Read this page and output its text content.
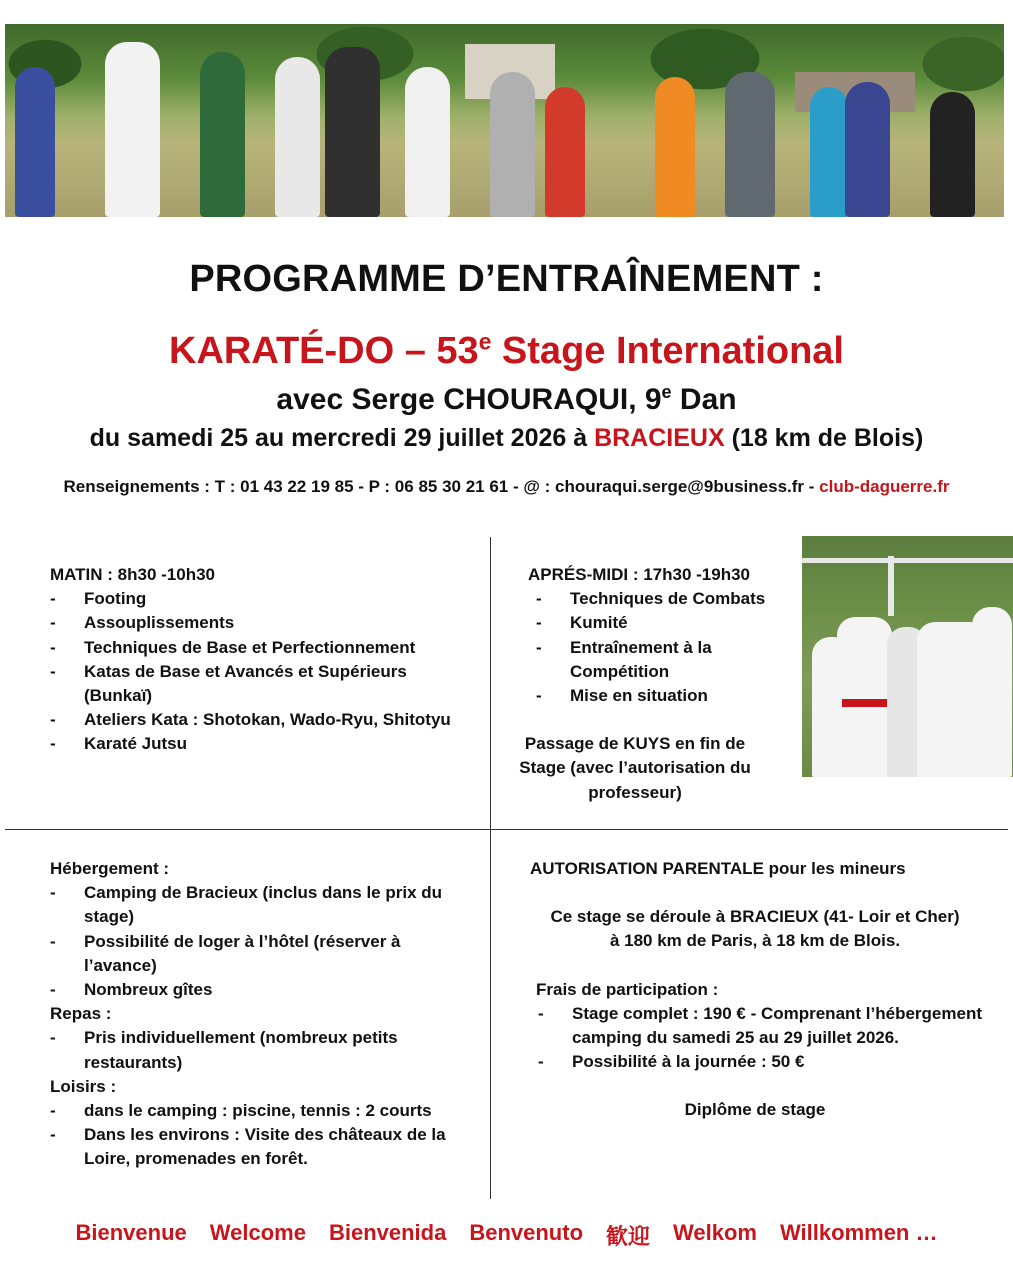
PROGRAMME D’ENTRAÎNEMENT :
KARATÉ-DO – 53e Stage International
avec Serge CHOURAQUI, 9e Dan
du samedi 25 au mercredi 29 juillet 2026 à BRACIEUX (18 km de Blois)
Renseignements : T : 01 43 22 19 85 - P : 06 85 30 21 61 - @ : chouraqui.serge@9business.fr - club-daguerre.fr
MATIN : 8h30 -10h30
- Footing
- Assouplissements
- Techniques de Base et Perfectionnement
- Katas de Base et Avancés et Supérieurs (Bunkaï)
- Ateliers Kata : Shotokan, Wado-Ryu, Shitotyu
- Karaté Jutsu
APRÉS-MIDI : 17h30 -19h30
- Techniques de Combats
- Kumité
- Entraînement à la Compétition
- Mise en situation
Passage de KUYS en fin de Stage (avec l’autorisation du professeur)
Hébergement :
- Camping de Bracieux (inclus dans le prix du stage)
- Possibilité de loger à l’hôtel (réserver à l’avance)
- Nombreux gîtes
Repas :
- Pris individuellement (nombreux petits restaurants)
Loisirs :
- dans le camping : piscine, tennis : 2 courts
- Dans les environs : Visite des châteaux de la Loire, promenades en forêt.
AUTORISATION PARENTALE pour les mineurs
Ce stage se déroule à BRACIEUX (41- Loir et Cher)
à 180 km de Paris, à 18 km de Blois.
Frais de participation :
- Stage complet : 190 € - Comprenant l’hébergement camping du samedi 25 au 29 juillet 2026.
- Possibilité à la journée : 50 €
Diplôme de stage
Bienvenue Welcome Bienvenida Benvenuto 歓迎 Welkom Willkommen …
